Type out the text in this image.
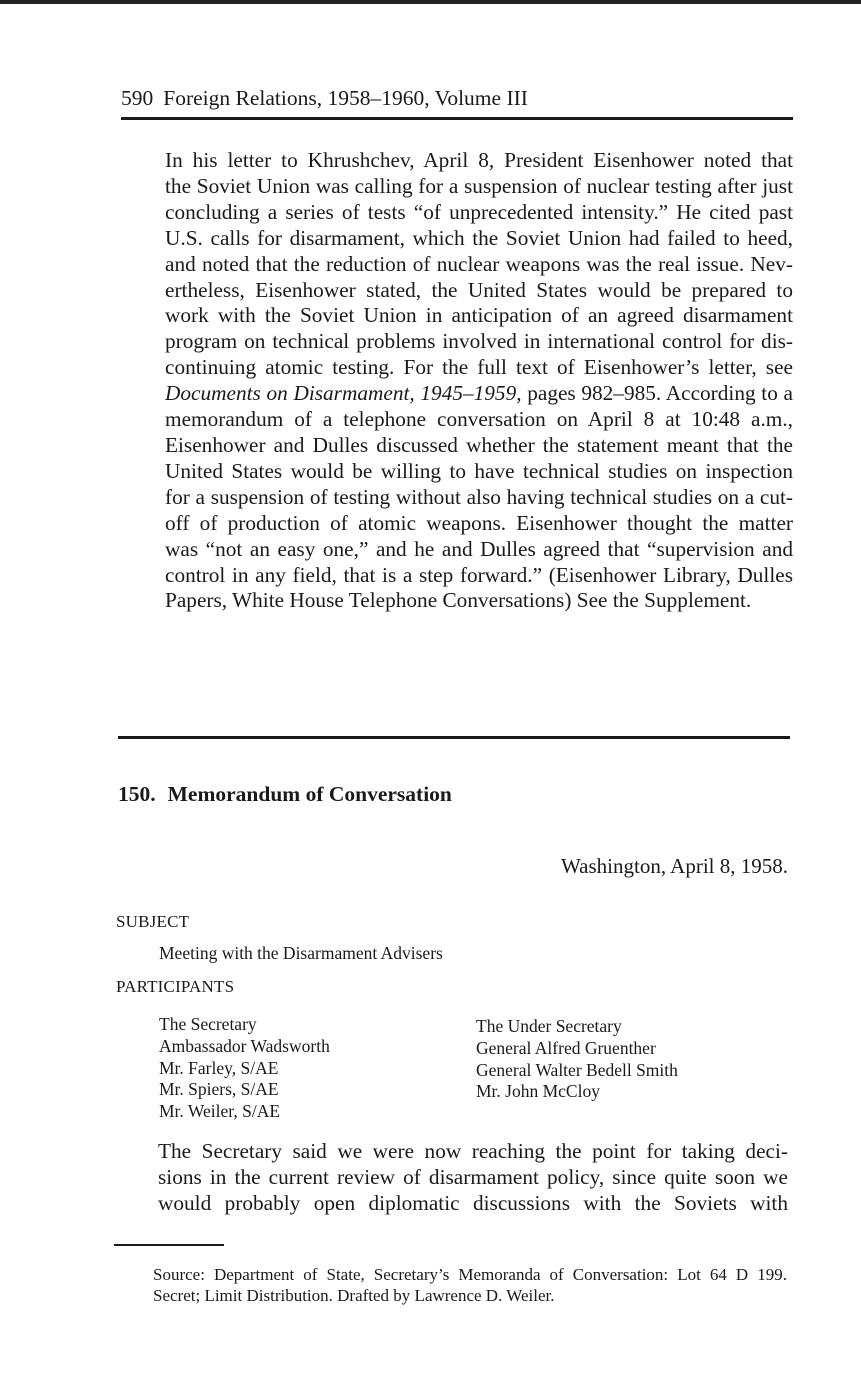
590 Foreign Relations, 1958–1960, Volume III
In his letter to Khrushchev, April 8, President Eisenhower noted that
the Soviet Union was calling for a suspension of nuclear testing after just
concluding a series of tests “of unprecedented intensity.” He cited past
U.S. calls for disarmament, which the Soviet Union had failed to heed,
and noted that the reduction of nuclear weapons was the real issue. Nev-
ertheless, Eisenhower stated, the United States would be prepared to
work with the Soviet Union in anticipation of an agreed disarmament
program on technical problems involved in international control for dis-
continuing atomic testing. For the full text of Eisenhower’s letter, see
Documents on Disarmament, 1945–1959, pages 982–985. According to a
memorandum of a telephone conversation on April 8 at 10:48 a.m.,
Eisenhower and Dulles discussed whether the statement meant that the
United States would be willing to have technical studies on inspection
for a suspension of testing without also having technical studies on a cut-
off of production of atomic weapons. Eisenhower thought the matter
was “not an easy one,” and he and Dulles agreed that “supervision and
control in any field, that is a step forward.” (Eisenhower Library, Dulles
Papers, White House Telephone Conversations) See the Supplement.
150. Memorandum of Conversation
Washington, April 8, 1958.
SUBJECT
Meeting with the Disarmament Advisers
PARTICIPANTS
The Secretary
Ambassador Wadsworth
Mr. Farley, S/AE
Mr. Spiers, S/AE
Mr. Weiler, S/AE
The Under Secretary
General Alfred Gruenther
General Walter Bedell Smith
Mr. John McCloy
The Secretary said we were now reaching the point for taking deci-
sions in the current review of disarmament policy, since quite soon we
would probably open diplomatic discussions with the Soviets with
Source: Department of State, Secretary’s Memoranda of Conversation: Lot 64 D 199.
Secret; Limit Distribution. Drafted by Lawrence D. Weiler.
